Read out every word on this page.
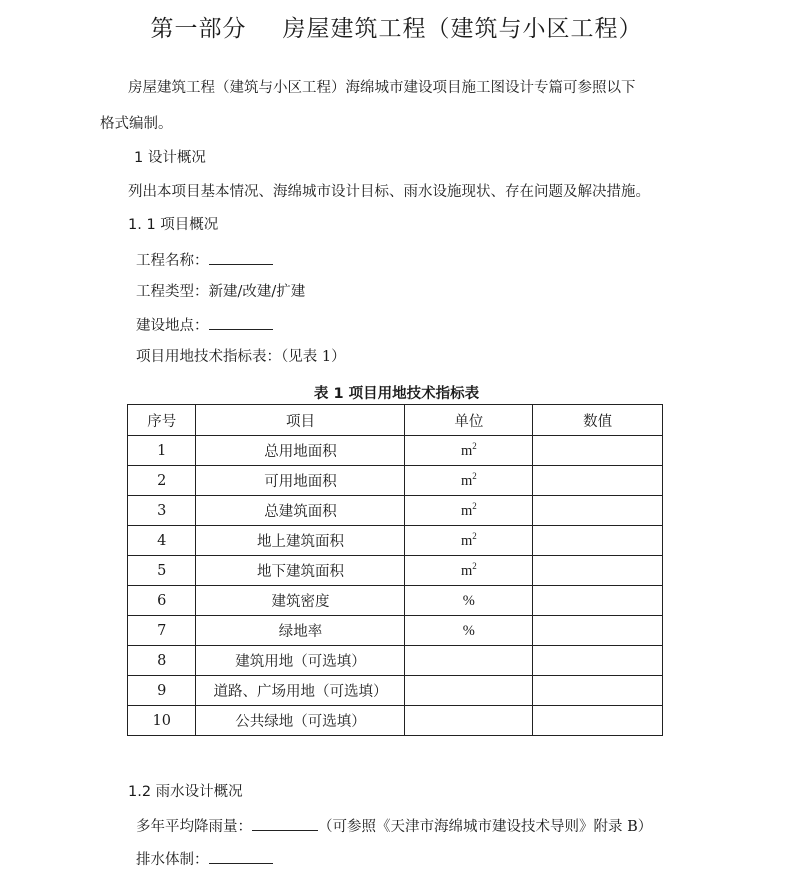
第一部分 房屋建筑工程（建筑与小区工程）
房屋建筑工程（建筑与小区工程）海绵城市建设项目施工图设计专篇可参照以下
格式编制。
1 设计概况
列出本项目基本情况、海绵城市设计目标、雨水设施现状、存在问题及解决措施。
1. 1 项目概况
工程名称：
工程类型：新建/改建/扩建
建设地点：
项目用地技术指标表：（见表 1）
表 1 项目用地技术指标表
序号	项目	单位	数值
1	总用地面积	$m^2$	
2	可用地面积	$m^2$	
3	总建筑面积	$m^2$	
4	地上建筑面积	$m^2$	
5	地下建筑面积	$m^2$	
6	建筑密度	%	
7	绿地率	%	
8	建筑用地（可选填）		
9	道路、广场用地（可选填）		
10	公共绿地（可选填）		
1.2 雨水设计概况
多年平均降雨量：	（可参照《天津市海绵城市建设技术导则》附录 B）
排水体制：
